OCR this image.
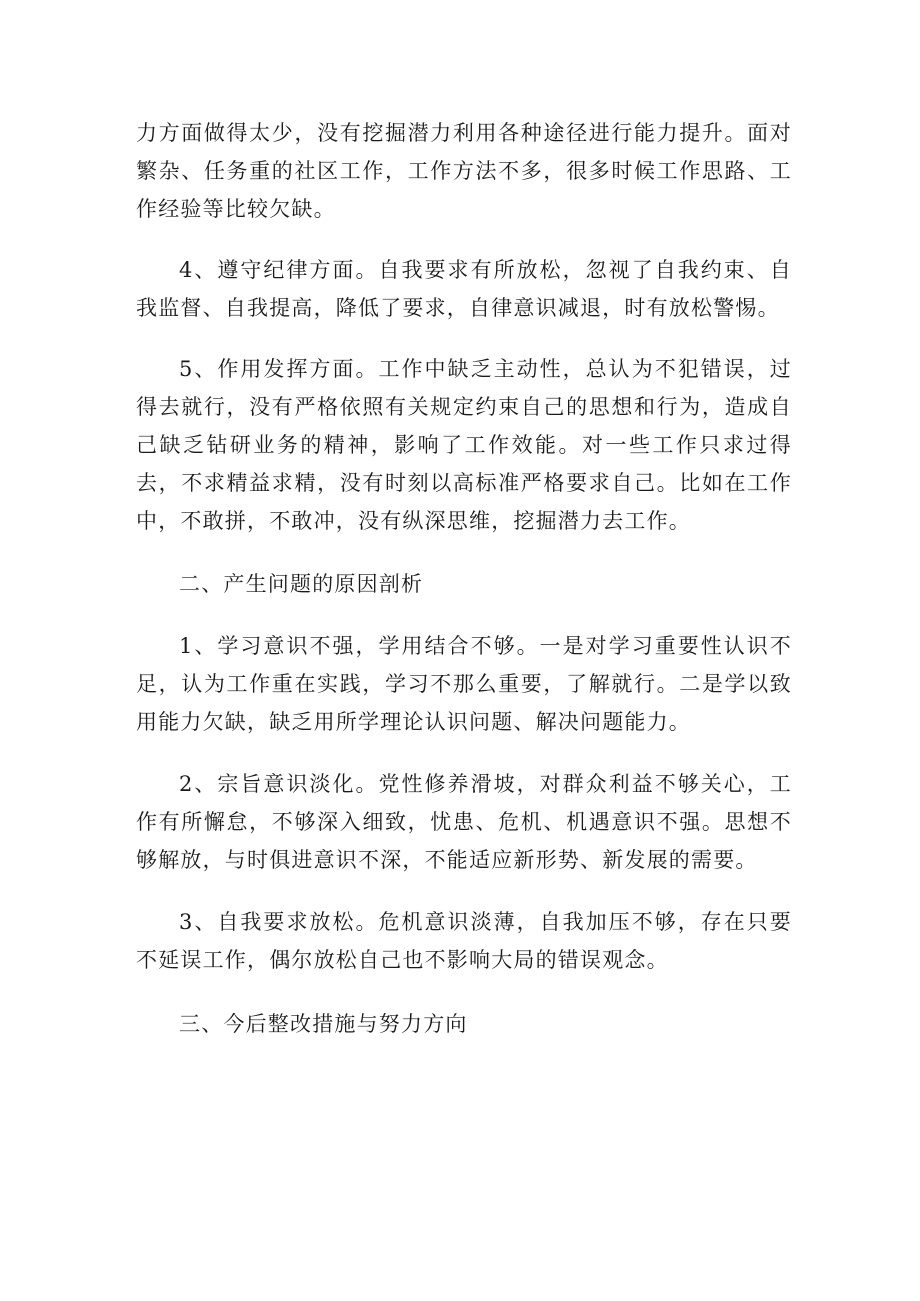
力方面做得太少，没有挖掘潜力利用各种途径进行能力提升。面对繁杂、任务重的社区工作，工作方法不多，很多时候工作思路、工作经验等比较欠缺。

4、遵守纪律方面。自我要求有所放松，忽视了自我约束、自我监督、自我提高，降低了要求，自律意识减退，时有放松警惕。

5、作用发挥方面。工作中缺乏主动性，总认为不犯错误，过得去就行，没有严格依照有关规定约束自己的思想和行为，造成自己缺乏钻研业务的精神，影响了工作效能。对一些工作只求过得去，不求精益求精，没有时刻以高标准严格要求自己。比如在工作中，不敢拼，不敢冲，没有纵深思维，挖掘潜力去工作。

二、产生问题的原因剖析

1、学习意识不强，学用结合不够。一是对学习重要性认识不足，认为工作重在实践，学习不那么重要，了解就行。二是学以致用能力欠缺，缺乏用所学理论认识问题、解决问题能力。

2、宗旨意识淡化。党性修养滑坡，对群众利益不够关心，工作有所懈怠，不够深入细致，忧患、危机、机遇意识不强。思想不够解放，与时俱进意识不深，不能适应新形势、新发展的需要。

3、自我要求放松。危机意识淡薄，自我加压不够，存在只要不延误工作，偶尔放松自己也不影响大局的错误观念。

三、今后整改措施与努力方向
